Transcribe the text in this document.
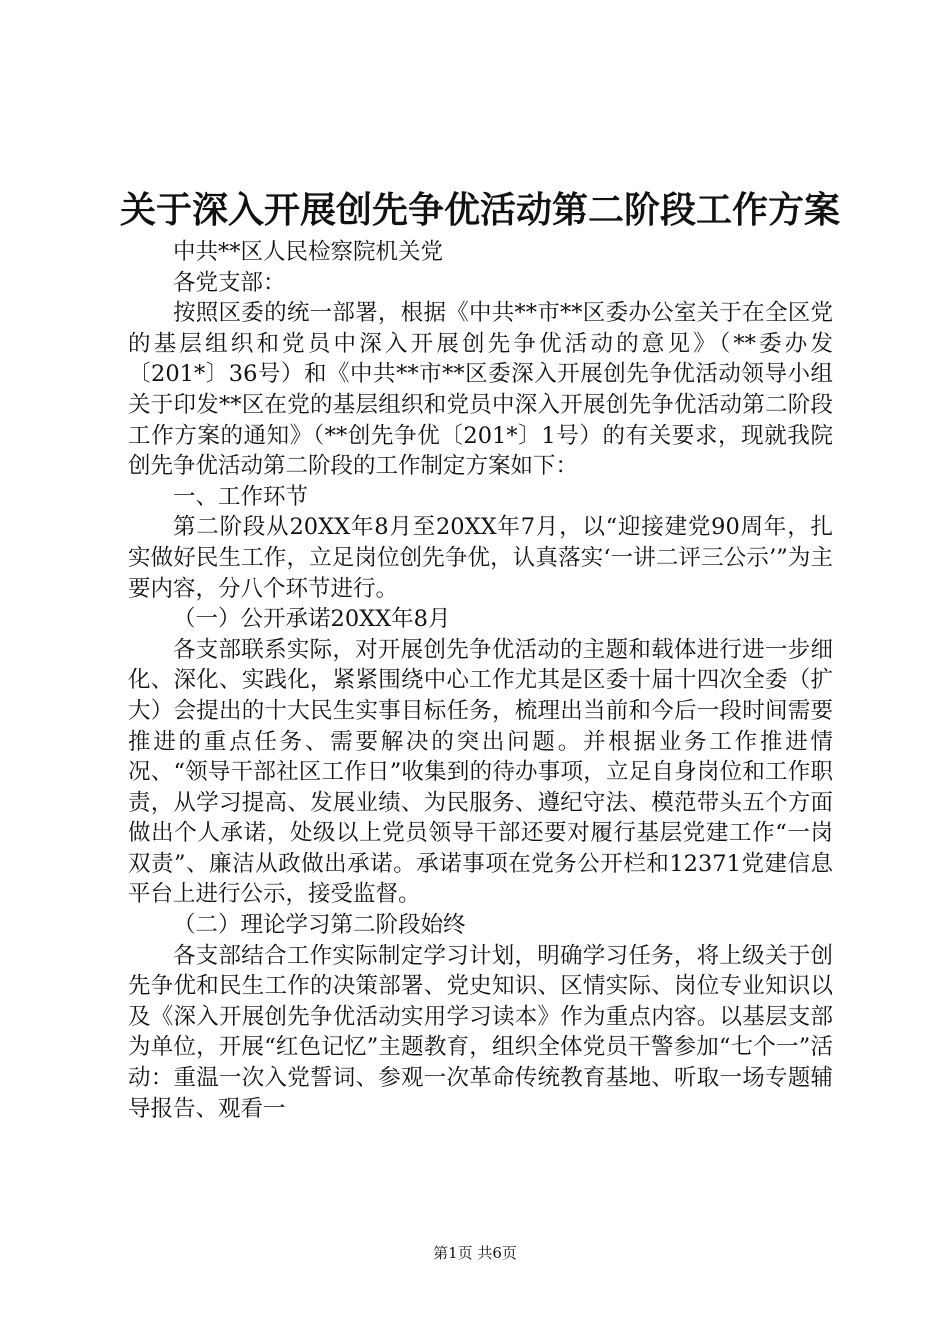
关于深入开展创先争优活动第二阶段工作方案

中共**区人民检察院机关党

各党支部：

按照区委的统一部署，根据《中共**市**区委办公室关于在全区党的基层组织和党员中深入开展创先争优活动的意见》（**委办发〔201*〕36号）和《中共**市**区委深入开展创先争优活动领导小组关于印发**区在党的基层组织和党员中深入开展创先争优活动第二阶段工作方案的通知》（**创先争优〔201*〕1号）的有关要求，现就我院创先争优活动第二阶段的工作制定方案如下：

一、工作环节

第二阶段从20XX年8月至20XX年7月，以“迎接建党90周年，扎实做好民生工作，立足岗位创先争优，认真落实‘一讲二评三公示’”为主要内容，分八个环节进行。

（一）公开承诺20XX年8月

各支部联系实际，对开展创先争优活动的主题和载体进行进一步细化、深化、实践化，紧紧围绕中心工作尤其是区委十届十四次全委（扩大）会提出的十大民生实事目标任务，梳理出当前和今后一段时间需要推进的重点任务、需要解决的突出问题。并根据业务工作推进情况、“领导干部社区工作日”收集到的待办事项，立足自身岗位和工作职责，从学习提高、发展业绩、为民服务、遵纪守法、模范带头五个方面做出个人承诺，处级以上党员领导干部还要对履行基层党建工作“一岗双责”、廉洁从政做出承诺。承诺事项在党务公开栏和12371党建信息平台上进行公示，接受监督。

（二）理论学习第二阶段始终

各支部结合工作实际制定学习计划，明确学习任务，将上级关于创先争优和民生工作的决策部署、党史知识、区情实际、岗位专业知识以及《深入开展创先争优活动实用学习读本》作为重点内容。以基层支部为单位，开展“红色记忆”主题教育，组织全体党员干警参加“七个一”活动：重温一次入党誓词、参观一次革命传统教育基地、听取一场专题辅导报告、观看一

第1页 共6页
